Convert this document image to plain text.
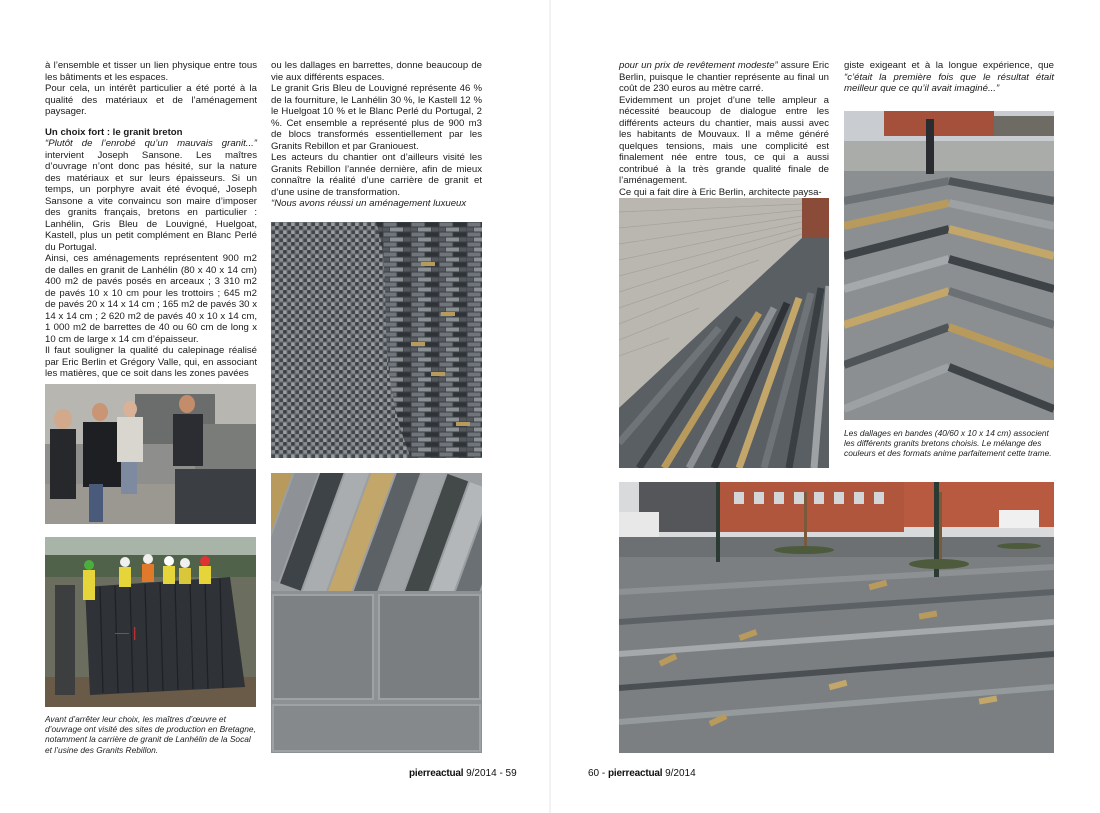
à l’ensemble et tisser un lien physique entre tous les bâtiments et les espaces.

Pour cela, un intérêt particulier a été porté à la qualité des matériaux et de l’aménagement paysager.

Un choix fort : le granit breton

“Plutôt de l’enrobé qu’un mauvais granit...” intervient Joseph Sansone. Les maîtres d’ouvrage n’ont donc pas hésité, sur la nature des matériaux et sur leurs épaisseurs. Si un temps, un porphyre avait été évoqué, Joseph Sansone a vite convaincu son maire d’imposer des granits français, bretons en particulier : Lanhélin, Gris Bleu de Louvigné, Huelgoat, Kastell, plus un petit complément en Blanc Perlé du Portugal.

Ainsi, ces aménagements représentent 900 m2 de dalles en granit de Lanhélin (80 x 40 x 14 cm) 400 m2 de pavés posés en arceaux ; 3 310 m2 de pavés 10 x 10 cm pour les trottoirs ; 645 m2 de pavés 20 x 14 x 14 cm ; 165 m2 de pavés 30 x 14 x 14 cm ; 2 620 m2 de pavés 40 x 10 x 14 cm, 1 000 m2 de barrettes de 40 ou 60 cm de long x 10 cm de large x 14 cm d’épaisseur.

Il faut souligner la qualité du calepinage réalisé par Eric Berlin et Grégory Valle, qui, en associant les matières, que ce soit dans les zones pavées

ou les dallages en barrettes, donne beaucoup de vie aux différents espaces.

Le granit Gris Bleu de Louvigné représente 46 % de la fourniture, le Lanhélin 30 %, le Kastell 12 % le Huelgoat 10 % et le Blanc Perlé du Portugal, 2 %. Cet ensemble a représenté plus de 900 m3 de blocs transformés essentiellement par les Granits Rebillon et par Graniouest.

Les acteurs du chantier ont d’ailleurs visité les Granits Rebillon l’année dernière, afin de mieux connaître la réalité d’une carrière de granit et d’une usine de transformation.

“Nous avons réussi un aménagement luxueux

— |
Avant d’arrêter leur choix, les maîtres d’œuvre et d’ouvrage ont visité des sites de production en Bretagne, notamment la carrière de granit de Lanhélin de la Socal et l’usine des Granits Rebillon.
pierreactual 9/2014 - 59

pour un prix de revêtement modeste” assure Eric Berlin, puisque le chantier représente au final un coût de 230 euros au mètre carré.

Evidemment un projet d’une telle ampleur a nécessité beaucoup de dialogue entre les différents acteurs du chantier, mais aussi avec les habitants de Mouvaux. Il a même généré quelques tensions, mais une complicité est finalement née entre tous, ce qui a aussi contribué à la très grande qualité finale de l’aménagement.

Ce qui a fait dire à Eric Berlin, architecte paysa-

giste exigeant et à la longue expérience, que “c’était la première fois que le résultat était meilleur que ce qu’il avait imaginé...”

Les dallages en bandes (40/60 x 10 x 14 cm) associent les différents granits bretons choisis. Le mélange des couleurs et des formats anime parfaitement cette trame.
60 - pierreactual 9/2014
